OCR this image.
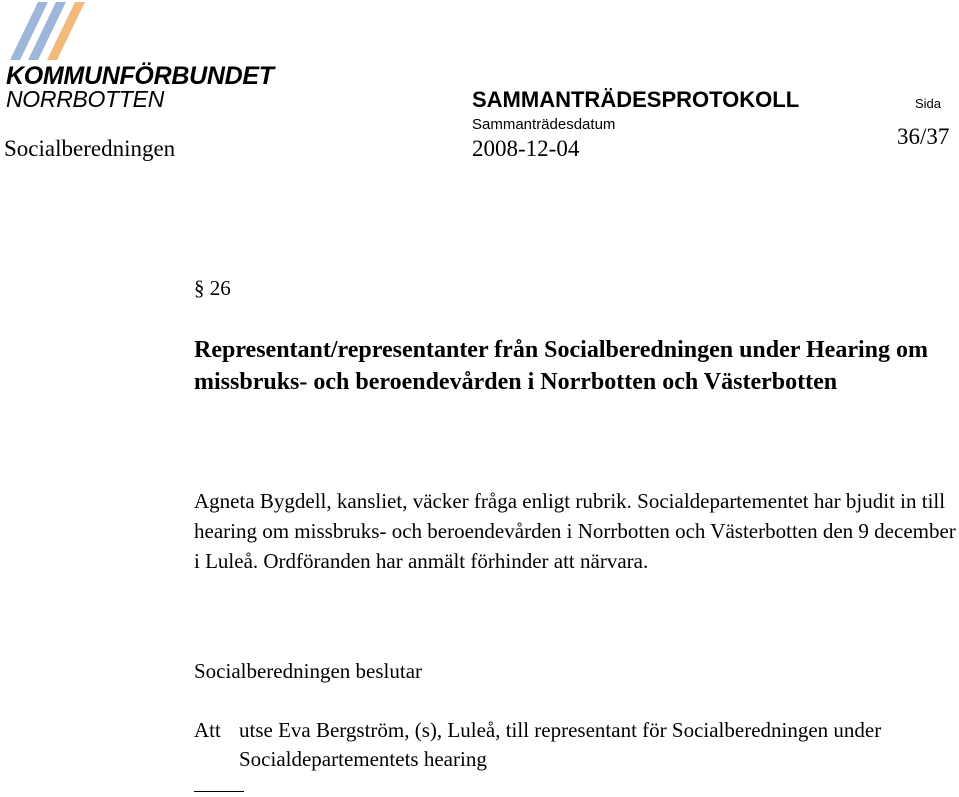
KOMMUNFÖRBUNDET
NORRBOTTEN	SAMMANTRÄDESPROTOKOLL	Sida
Sammanträdesdatum
Socialberedningen	2008-12-04	36/37
§ 26
Representant/representanter från Socialberedningen under Hearing om missbruks- och beroendevården i Norrbotten och Västerbotten
Agneta Bygdell, kansliet, väcker fråga enligt rubrik. Socialdepartementet har bjudit in till hearing om missbruks- och beroendevården i Norrbotten och Västerbotten den 9 december i Luleå. Ordföranden har anmält förhinder att närvara.
Socialberedningen beslutar
Att utse Eva Bergström, (s), Luleå, till representant för Socialberedningen under Socialdepartementets hearing
